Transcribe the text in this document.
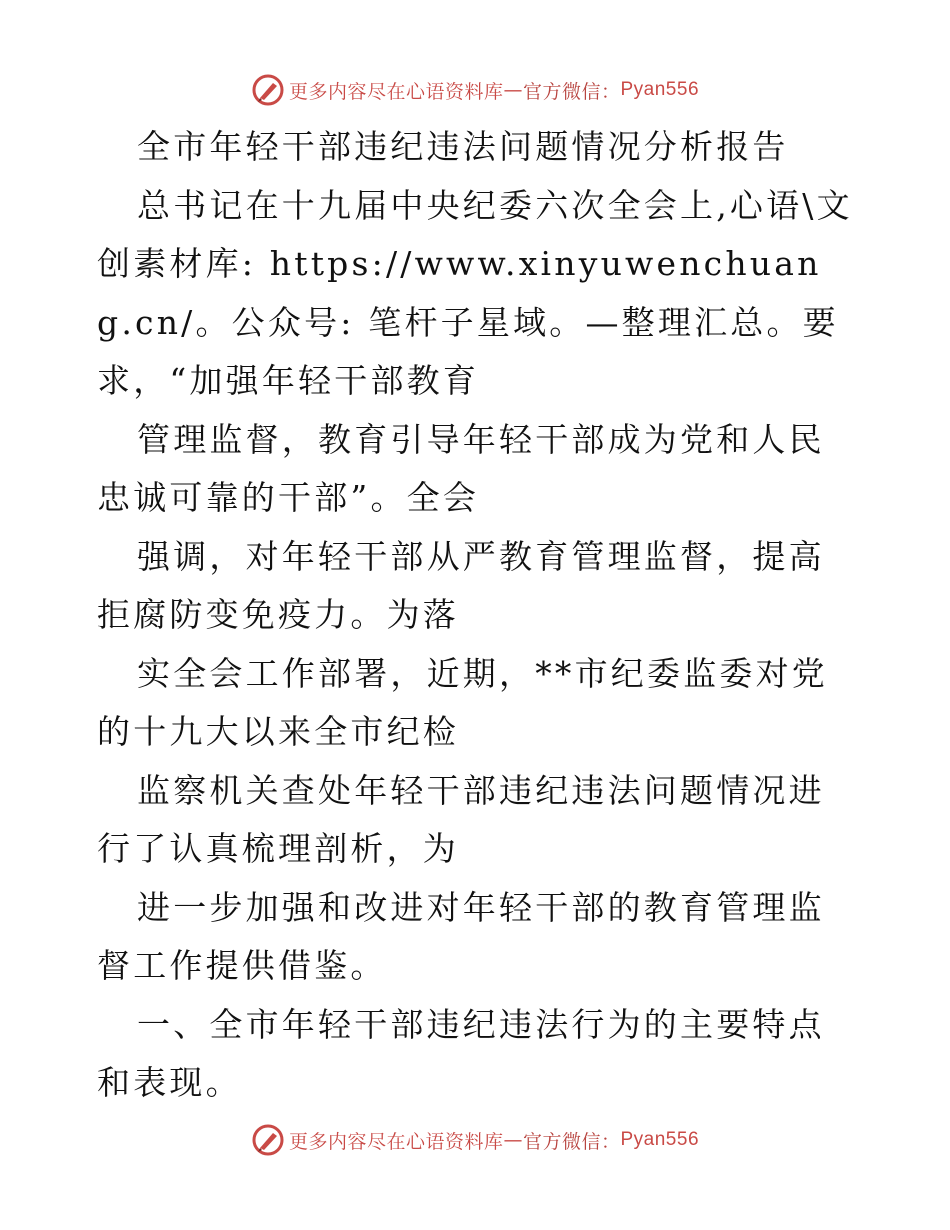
更多内容尽在心语资料库 — 官方微信： Pyan556

全市年轻干部违纪违法问题情况分析报告

总书记在十九届中央纪委六次全会上,心语\文创素材库: https://www.xinyuwenchuang.cn/。公众号: 笔杆子星域。—整理汇总。要求，“加强年轻干部教育

管理监督，教育引导年轻干部成为党和人民忠诚可靠的干部”。全会

强调，对年轻干部从严教育管理监督，提高拒腐防变免疫力。为落

实全会工作部署，近期，**市纪委监委对党的十九大以来全市纪检

监察机关查处年轻干部违纪违法问题情况进行了认真梳理剖析，为

进一步加强和改进对年轻干部的教育管理监督工作提供借鉴。

一、全市年轻干部违纪违法行为的主要特点和表现。

更多内容尽在心语资料库 — 官方微信： Pyan556
